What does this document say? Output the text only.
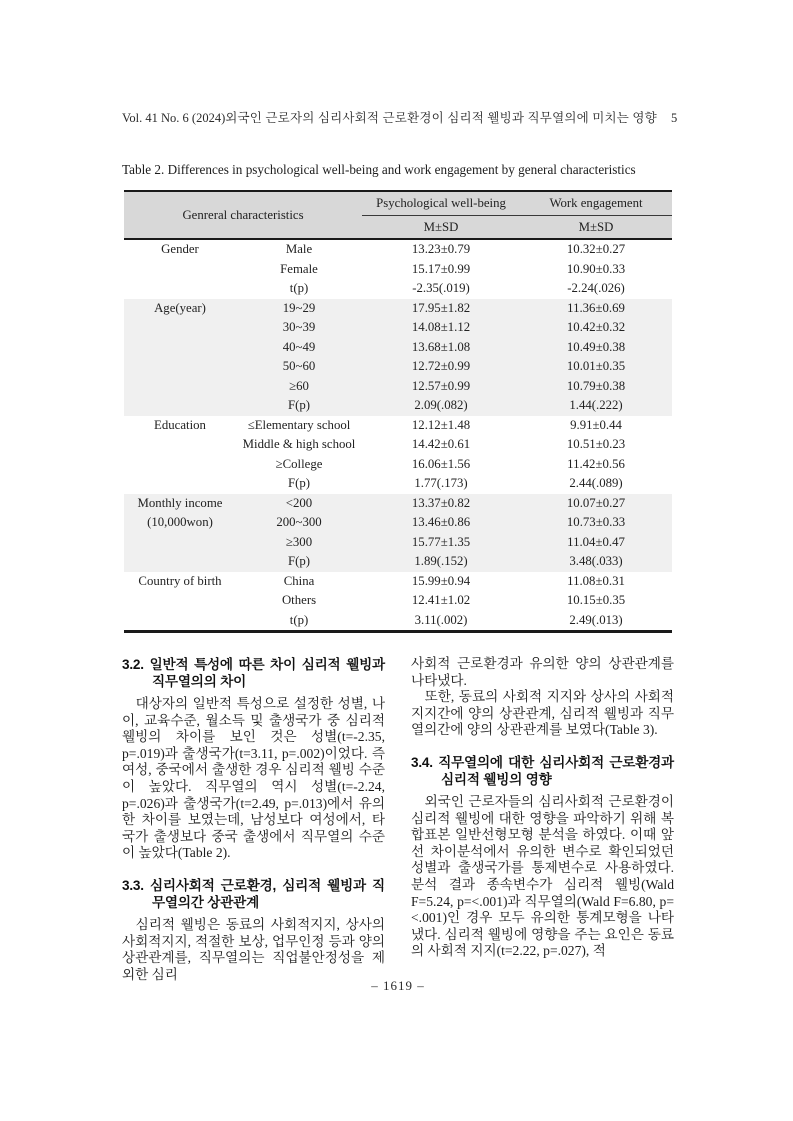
Vol. 41 No. 6 (2024) 외국인 근로자의 심리사회적 근로환경이 심리적 웰빙과 직무열의에 미치는 영향 5
Table 2. Differences in psychological well-being and work engagement by general characteristics
Genreral characteristics		Psychological well-being	Work engagement
		M±SD	M±SD
Gender	Male	13.23±0.79	10.32±0.27
	Female	15.17±0.99	10.90±0.33
	t(p)	-2.35(.019)	-2.24(.026)
Age(year)	19~29	17.95±1.82	11.36±0.69
	30~39	14.08±1.12	10.42±0.32
	40~49	13.68±1.08	10.49±0.38
	50~60	12.72±0.99	10.01±0.35
	≥60	12.57±0.99	10.79±0.38
	F(p)	2.09(.082)	1.44(.222)
Education	≤Elementary school	12.12±1.48	9.91±0.44
	Middle & high school	14.42±0.61	10.51±0.23
	≥College	16.06±1.56	11.42±0.56
	F(p)	1.77(.173)	2.44(.089)
Monthly income	<200	13.37±0.82	10.07±0.27
(10,000won)	200~300	13.46±0.86	10.73±0.33
	≥300	15.77±1.35	11.04±0.47
	F(p)	1.89(.152)	3.48(.033)
Country of birth	China	15.99±0.94	11.08±0.31
	Others	12.41±1.02	10.15±0.35
	t(p)	3.11(.002)	2.49(.013)
3.2. 일반적 특성에 따른 차이 심리적 웰빙과 직무열의의 차이
대상자의 일반적 특성으로 설정한 성별, 나이, 교육수준, 월소득 및 출생국가 중 심리적 웰빙의 차이를 보인 것은 성별(t=-2.35, p=.019)과 출생국가(t=3.11, p=.002)이었다. 즉 여성, 중국에서 출생한 경우 심리적 웰빙 수준이 높았다. 직무열의 역시 성별(t=-2.24, p=.026)과 출생국가(t=2.49, p=.013)에서 유의한 차이를 보였는데, 남성보다 여성에서, 타 국가 출생보다 중국 출생에서 직무열의 수준이 높았다(Table 2).
3.3. 심리사회적 근로환경, 심리적 웰빙과 직무열의간 상관관계
심리적 웰빙은 동료의 사회적지지, 상사의 사회적지지, 적절한 보상, 업무인정 등과 양의 상관관계를, 직무열의는 직업불안정성을 제외한 심리
사회적 근로환경과 유의한 양의 상관관계를 나타냈다.
또한, 동료의 사회적 지지와 상사의 사회적 지지간에 양의 상관관계, 심리적 웰빙과 직무열의간에 양의 상관관계를 보였다(Table 3).
3.4. 직무열의에 대한 심리사회적 근로환경과 심리적 웰빙의 영향
외국인 근로자들의 심리사회적 근로환경이 심리적 웰빙에 대한 영향을 파악하기 위해 복합표본 일반선형모형 분석을 하였다. 이때 앞선 차이분석에서 유의한 변수로 확인되었던 성별과 출생국가를 통제변수로 사용하였다. 분석 결과 종속변수가 심리적 웰빙(Wald F=5.24, p=<.001)과 직무열의(Wald F=6.80, p=<.001)인 경우 모두 유의한 통계모형을 나타냈다. 심리적 웰빙에 영향을 주는 요인은 동료의 사회적 지지(t=2.22, p=.027), 적
– 1619 –
